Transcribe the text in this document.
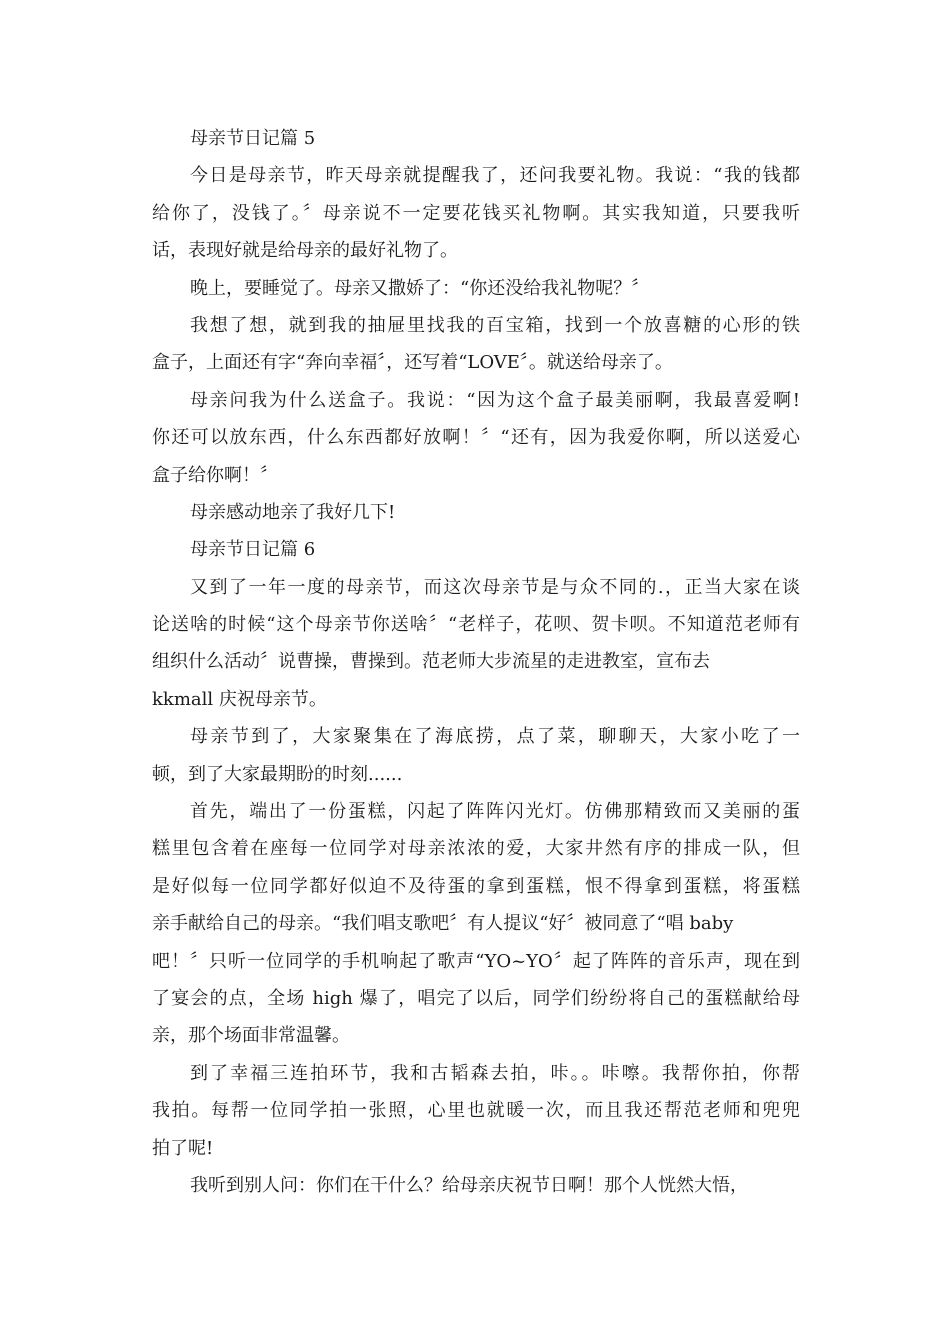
母亲节日记篇 5
今日是母亲节，昨天母亲就提醒我了，还问我要礼物。我说：“我的钱都
给你了，没钱了。〞母亲说不一定要花钱买礼物啊。其实我知道，只要我听
话，表现好就是给母亲的最好礼物了。
晚上，要睡觉了。母亲又撒娇了：“你还没给我礼物呢？〞
我想了想，就到我的抽屉里找我的百宝箱，找到一个放喜糖的心形的铁
盒子，上面还有字“奔向幸福〞，还写着“LOVE〞。就送给母亲了。
母亲问我为什么送盒子。我说：“因为这个盒子最美丽啊，我最喜爱啊!
你还可以放东西，什么东西都好放啊！〞“还有，因为我爱你啊，所以送爱心
盒子给你啊！〞
母亲感动地亲了我好几下!
母亲节日记篇 6
又到了一年一度的母亲节，而这次母亲节是与众不同的.，正当大家在谈
论送啥的时候“这个母亲节你送啥〞“老样子，花呗、贺卡呗。不知道范老师有
组织什么活动〞说曹操，曹操到。范老师大步流星的走进教室，宣布去
kkmall 庆祝母亲节。
母亲节到了，大家聚集在了海底捞，点了菜，聊聊天，大家小吃了一
顿，到了大家最期盼的时刻......
首先，端出了一份蛋糕，闪起了阵阵闪光灯。仿佛那精致而又美丽的蛋
糕里包含着在座每一位同学对母亲浓浓的爱，大家井然有序的排成一队，但
是好似每一位同学都好似迫不及待蛋的拿到蛋糕，恨不得拿到蛋糕，将蛋糕
亲手献给自己的母亲。“我们唱支歌吧〞有人提议“好〞被同意了“唱 baby
吧！〞只听一位同学的手机响起了歌声“YO~YO〞起了阵阵的音乐声，现在到
了宴会的点，全场 high 爆了，唱完了以后，同学们纷纷将自己的蛋糕献给母
亲，那个场面非常温馨。
到了幸福三连拍环节，我和古韬森去拍，咔。。咔嚓。我帮你拍，你帮
我拍。每帮一位同学拍一张照，心里也就暖一次，而且我还帮范老师和兜兜
拍了呢!
我听到别人问：你们在干什么？给母亲庆祝节日啊！那个人恍然大悟，
